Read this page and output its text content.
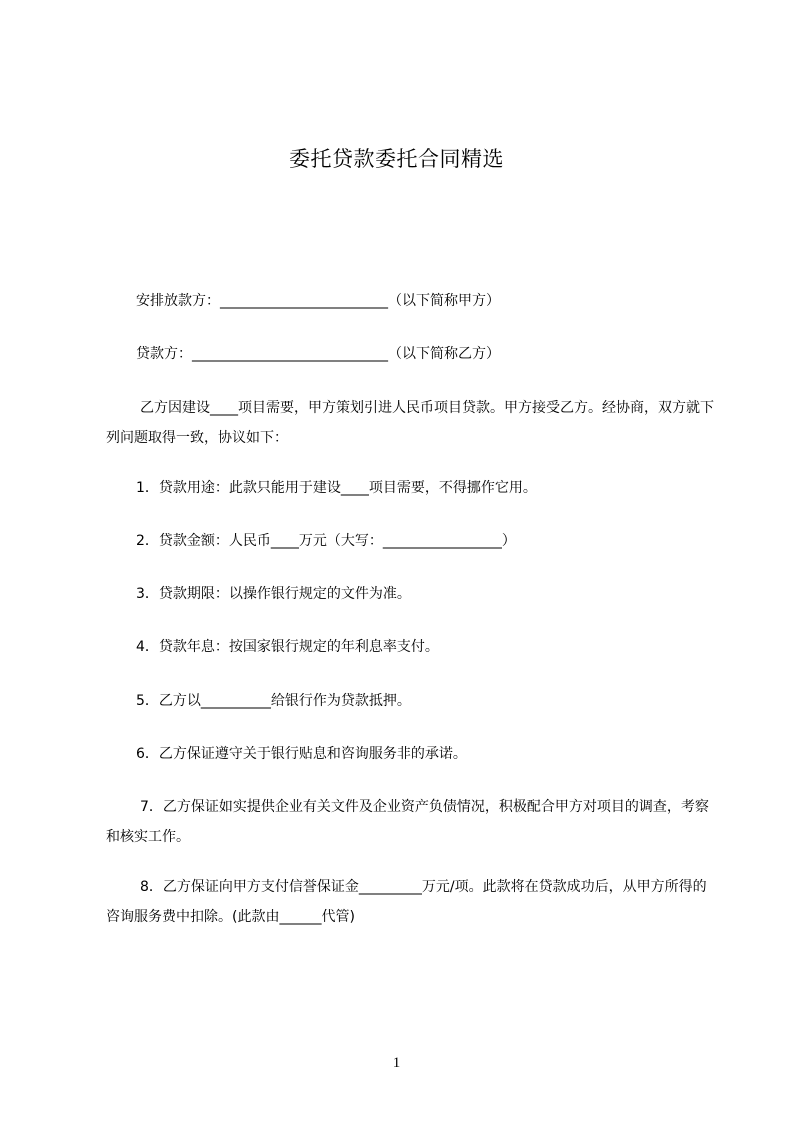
委托贷款委托合同精选

安排放款方：________________________（以下简称甲方）

贷款方：____________________________（以下简称乙方）

乙方因建设____项目需要，甲方策划引进人民币项目贷款。甲方接受乙方。经协商，双方就下列问题取得一致，协议如下：

1．贷款用途：此款只能用于建设____项目需要，不得挪作它用。

2．贷款金额：人民币____万元（大写：_________________）

3．贷款期限：以操作银行规定的文件为准。

4．贷款年息：按国家银行规定的年利息率支付。

5．乙方以__________给银行作为贷款抵押。

6．乙方保证遵守关于银行贴息和咨询服务非的承诺。

7．乙方保证如实提供企业有关文件及企业资产负债情况，积极配合甲方对项目的调查，考察和核实工作。

8．乙方保证向甲方支付信誉保证金_________万元/项。此款将在贷款成功后，从甲方所得的咨询服务费中扣除。(此款由______代管)

1
